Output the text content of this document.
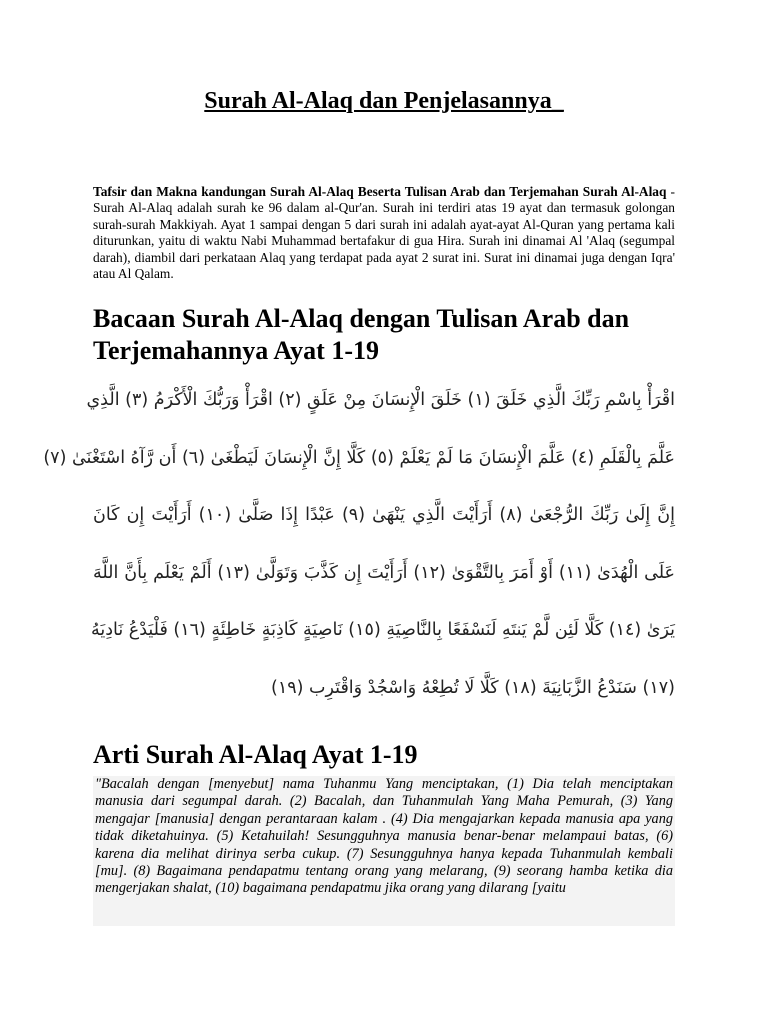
Surah Al-Alaq dan Penjelasannya_

Tafsir dan Makna kandungan Surah Al-Alaq Beserta Tulisan Arab dan Terjemahan Surah Al-Alaq - Surah Al-Alaq adalah surah ke 96 dalam al-Qur'an. Surah ini terdiri atas 19 ayat dan termasuk golongan surah-surah Makkiyah. Ayat 1 sampai dengan 5 dari surah ini adalah ayat-ayat Al-Quran yang pertama kali diturunkan, yaitu di waktu Nabi Muhammad bertafakur di gua Hira. Surah ini dinamai Al 'Alaq (segumpal darah), diambil dari perkataan Alaq yang terdapat pada ayat 2 surat ini. Surat ini dinamai juga dengan Iqra' atau Al Qalam.

Bacaan Surah Al-Alaq dengan Tulisan Arab dan Terjemahannya Ayat 1-19
اقْرَأْ بِاسْمِ رَبِّكَ الَّذِي خَلَقَ (١) خَلَقَ الْإِنسَانَ مِنْ عَلَقٍ (٢) اقْرَأْ وَرَبُّكَ الْأَكْرَمُ (٣) الَّذِي
عَلَّمَ بِالْقَلَمِ (٤) عَلَّمَ الْإِنسَانَ مَا لَمْ يَعْلَمْ (٥) كَلَّا إِنَّ الْإِنسَانَ لَيَطْغَىٰ (٦) أَن رَّآهُ اسْتَغْنَىٰ (٧)
إِنَّ إِلَىٰ رَبِّكَ الرُّجْعَىٰ (٨) أَرَأَيْتَ الَّذِي يَنْهَىٰ (٩) عَبْدًا إِذَا صَلَّىٰ (١٠) أَرَأَيْتَ إِن كَانَ
عَلَى الْهُدَىٰ (١١) أَوْ أَمَرَ بِالتَّقْوَىٰ (١٢) أَرَأَيْتَ إِن كَذَّبَ وَتَوَلَّىٰ (١٣) أَلَمْ يَعْلَم بِأَنَّ اللَّهَ
يَرَىٰ (١٤) كَلَّا لَئِن لَّمْ يَنتَهِ لَنَسْفَعًا بِالنَّاصِيَةِ (١٥) نَاصِيَةٍ كَاذِبَةٍ خَاطِئَةٍ (١٦) فَلْيَدْعُ نَادِيَهُ
(١٧) سَنَدْعُ الزَّبَانِيَةَ (١٨) كَلَّا لَا تُطِعْهُ وَاسْجُدْ وَاقْتَرِب (١٩)
Arti Surah Al-Alaq Ayat 1-19
"Bacalah dengan [menyebut] nama Tuhanmu Yang menciptakan, (1) Dia telah menciptakan manusia dari segumpal darah. (2) Bacalah, dan Tuhanmulah Yang Maha Pemurah, (3) Yang mengajar [manusia] dengan perantaraan kalam . (4) Dia mengajarkan kepada manusia apa yang tidak diketahuinya. (5) Ketahuilah! Sesungguhnya manusia benar-benar melampaui batas, (6) karena dia melihat dirinya serba cukup. (7) Sesungguhnya hanya kepada Tuhanmulah kembali [mu]. (8) Bagaimana pendapatmu tentang orang yang melarang, (9) seorang hamba ketika dia mengerjakan shalat, (10) bagaimana pendapatmu jika orang yang dilarang [yaitu
